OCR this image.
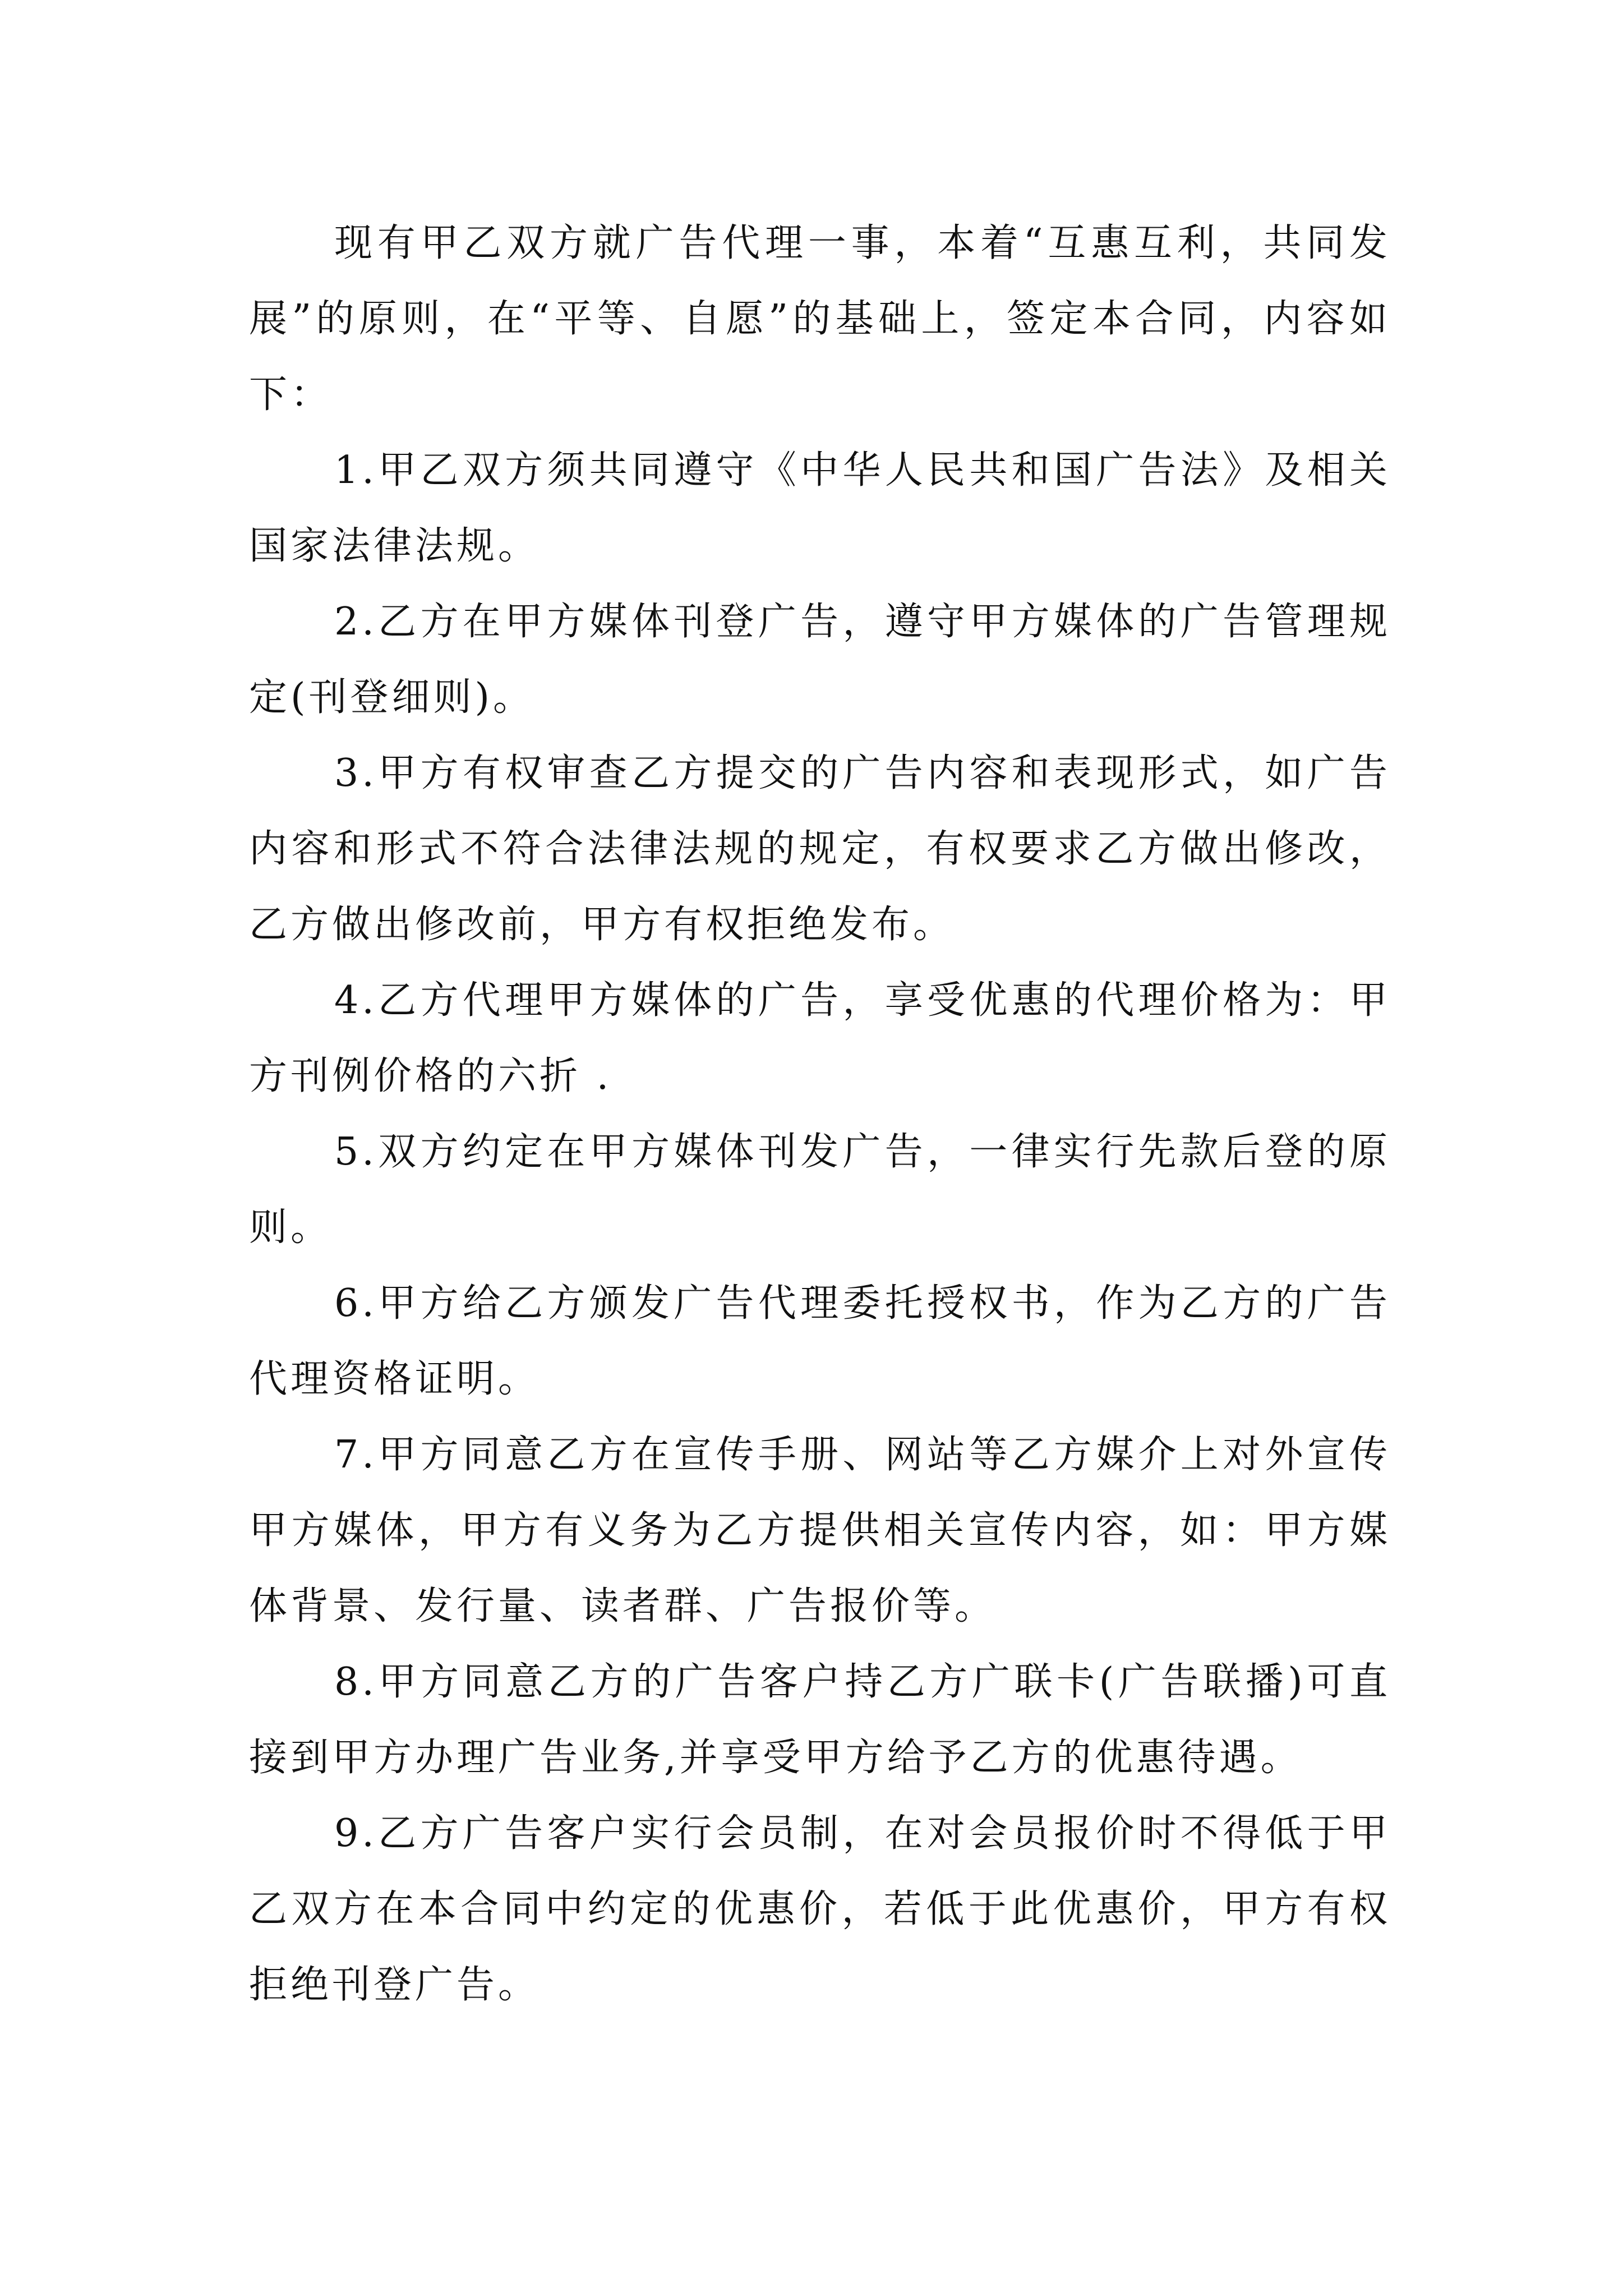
现有甲乙双方就广告代理一事，本着“互惠互利，共同发展”的原则，在“平等、自愿”的基础上，签定本合同，内容如下：

1.甲乙双方须共同遵守《中华人民共和国广告法》及相关国家法律法规。

2.乙方在甲方媒体刊登广告，遵守甲方媒体的广告管理规定(刊登细则)。

3.甲方有权审查乙方提交的广告内容和表现形式，如广告内容和形式不符合法律法规的规定，有权要求乙方做出修改，乙方做出修改前，甲方有权拒绝发布。

4.乙方代理甲方媒体的广告，享受优惠的代理价格为：甲方刊例价格的六折 .

5.双方约定在甲方媒体刊发广告，一律实行先款后登的原则。

6.甲方给乙方颁发广告代理委托授权书，作为乙方的广告代理资格证明。

7.甲方同意乙方在宣传手册、网站等乙方媒介上对外宣传甲方媒体，甲方有义务为乙方提供相关宣传内容，如：甲方媒体背景、发行量、读者群、广告报价等。

8.甲方同意乙方的广告客户持乙方广联卡(广告联播)可直接到甲方办理广告业务,并享受甲方给予乙方的优惠待遇。

9.乙方广告客户实行会员制，在对会员报价时不得低于甲乙双方在本合同中约定的优惠价，若低于此优惠价，甲方有权拒绝刊登广告。
